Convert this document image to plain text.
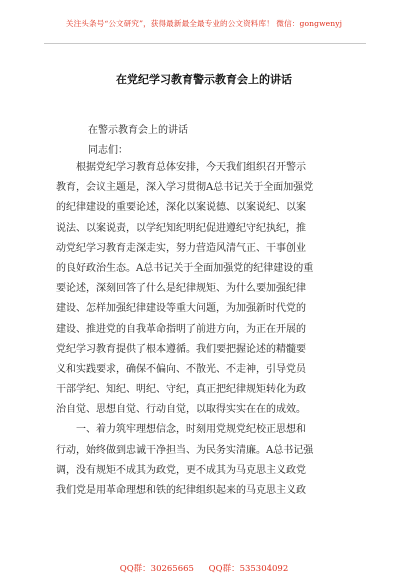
关注头条号“公文研究”，获得最新最全最专业的公文资料库！ 微信：gongwenyj
在党纪学习教育警示教育会上的讲话
在警示教育会上的讲话
同志们：
　　根据党纪学习教育总体安排，今天我们组织召开警示
教育，会议主题是，深入学习贯彻A总书记关于全面加强党
的纪律建设的重要论述，深化以案说德、以案说纪、以案
说法、以案说责，以学纪知纪明纪促进遵纪守纪执纪，推
动党纪学习教育走深走实，努力营造风清气正、干事创业
的良好政治生态。A总书记关于全面加强党的纪律建设的重
要论述，深刻回答了什么是纪律规矩、为什么要加强纪律
建设、怎样加强纪律建设等重大问题，为加强新时代党的
建设、推进党的自我革命指明了前进方向，为正在开展的
党纪学习教育提供了根本遵循。我们要把握论述的精髓要
义和实践要求，确保不偏向、不散光、不走神，引导党员
干部学纪、知纪、明纪、守纪，真正把纪律规矩转化为政
治自觉、思想自觉、行动自觉，以取得实实在在的成效。
　　一、着力筑牢理想信念，时刻用党规党纪校正思想和
行动，始终做到忠诚干净担当、为民务实清廉。A总书记强
调，没有规矩不成其为政党，更不成其为马克思主义政党
我们党是用革命理想和铁的纪律组织起来的马克思主义政
QQ群：30265665 QQ群：535304092
